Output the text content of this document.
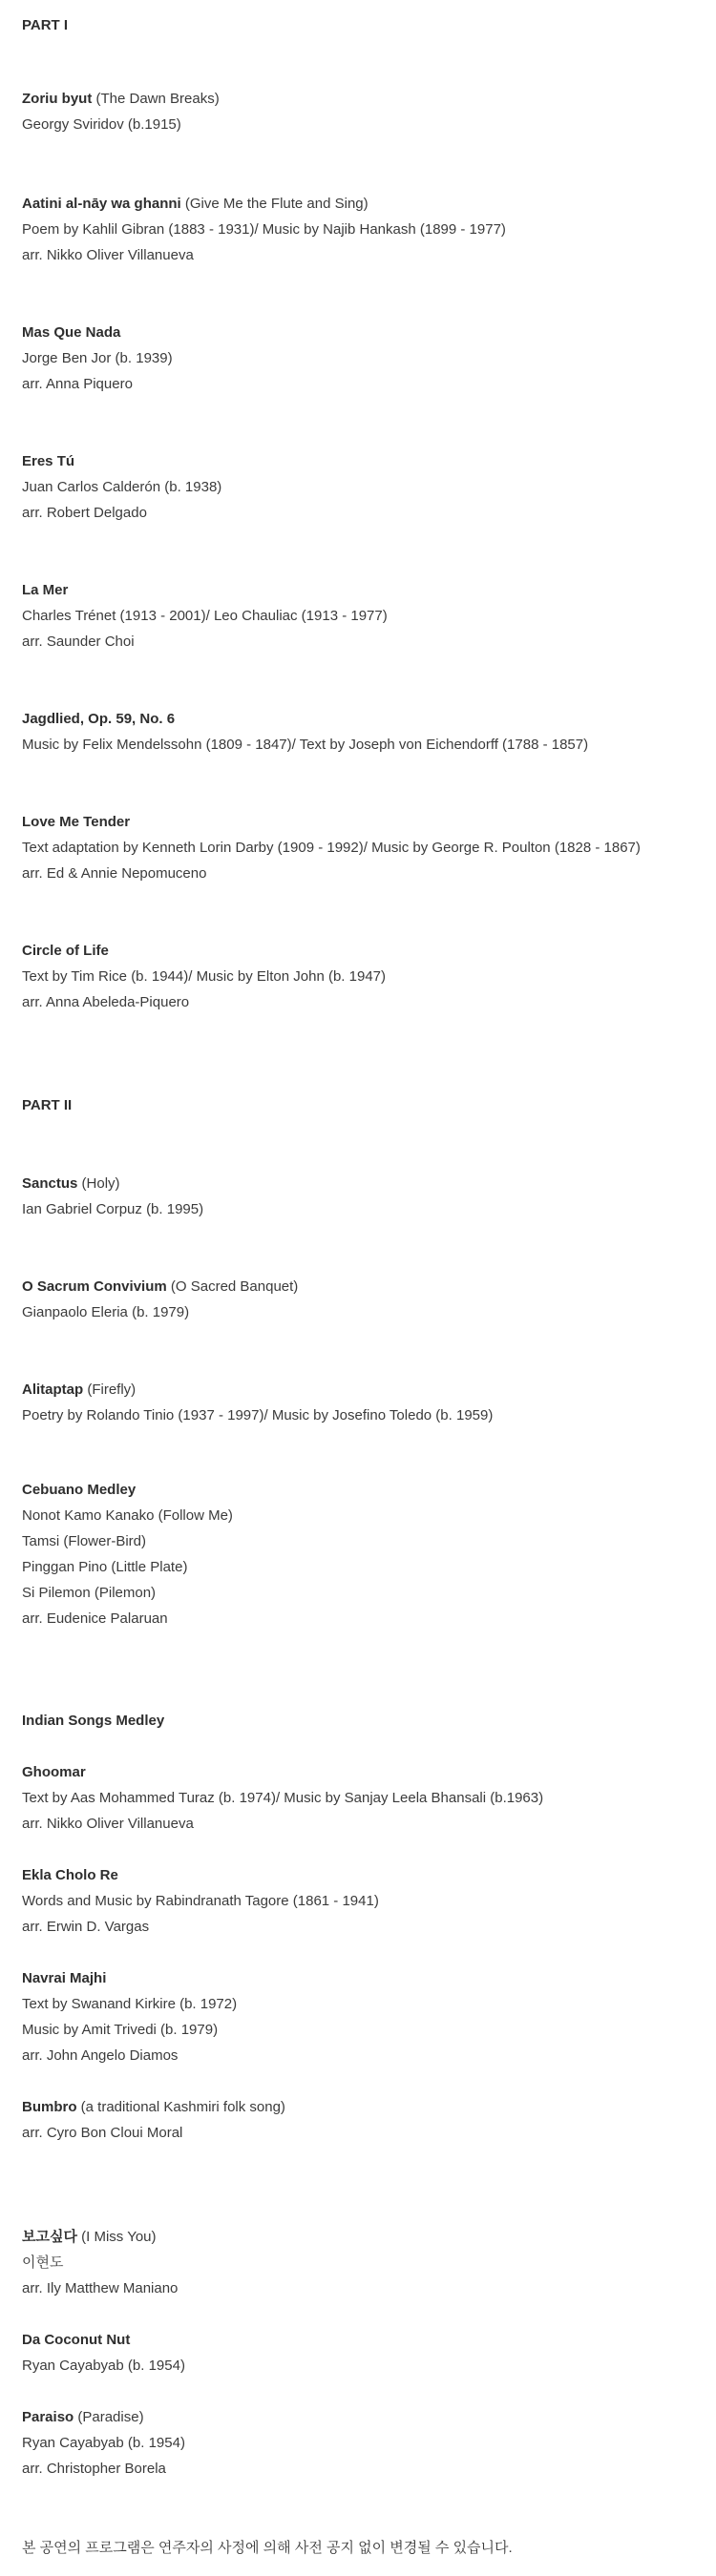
PART I
Zoriu byut (The Dawn Breaks)
Georgy Sviridov (b.1915)
Aatini al-nāy wa ghanni (Give Me the Flute and Sing)
Poem by Kahlil Gibran (1883 - 1931)/ Music by Najib Hankash (1899 - 1977)
arr. Nikko Oliver Villanueva
Mas Que Nada
Jorge Ben Jor (b. 1939)
arr. Anna Piquero
Eres Tú
Juan Carlos Calderón (b. 1938)
arr. Robert Delgado
La Mer
Charles Trénet (1913 - 2001)/ Leo Chauliac (1913 - 1977)
arr. Saunder Choi
Jagdlied, Op. 59, No. 6
Music by Felix Mendelssohn (1809 - 1847)/ Text by Joseph von Eichendorff (1788 - 1857)
Love Me Tender
Text adaptation by Kenneth Lorin Darby (1909 - 1992)/ Music by George R. Poulton (1828 - 1867)
arr. Ed & Annie Nepomuceno
Circle of Life
Text by Tim Rice (b. 1944)/ Music by Elton John (b. 1947)
arr. Anna Abeleda-Piquero
PART II
Sanctus (Holy)
Ian Gabriel Corpuz (b. 1995)
O Sacrum Convivium (O Sacred Banquet)
Gianpaolo Eleria (b. 1979)
Alitaptap (Firefly)
Poetry by Rolando Tinio (1937 - 1997)/ Music by Josefino Toledo (b. 1959)
Cebuano Medley
Nonot Kamo Kanako (Follow Me)
Tamsi (Flower-Bird)
Pinggan Pino (Little Plate)
Si Pilemon (Pilemon)
arr. Eudenice Palaruan
Indian Songs Medley
Ghoomar
Text by Aas Mohammed Turaz (b. 1974)/ Music by Sanjay Leela Bhansali (b.1963)
arr. Nikko Oliver Villanueva
Ekla Cholo Re
Words and Music by Rabindranath Tagore (1861 - 1941)
arr. Erwin D. Vargas
Navrai Majhi
Text by Swanand Kirkire (b. 1972)
Music by Amit Trivedi (b. 1979)
arr. John Angelo Diamos
Bumbro (a traditional Kashmiri folk song)
arr. Cyro Bon Cloui Moral
보고싶다 (I Miss You)
이현도
arr. Ily Matthew Maniano
Da Coconut Nut
Ryan Cayabyab (b. 1954)
Paraiso (Paradise)
Ryan Cayabyab (b. 1954)
arr. Christopher Borela
본 공연의 프로그램은 연주자의 사정에 의해 사전 공지 없이 변경될 수 있습니다.
